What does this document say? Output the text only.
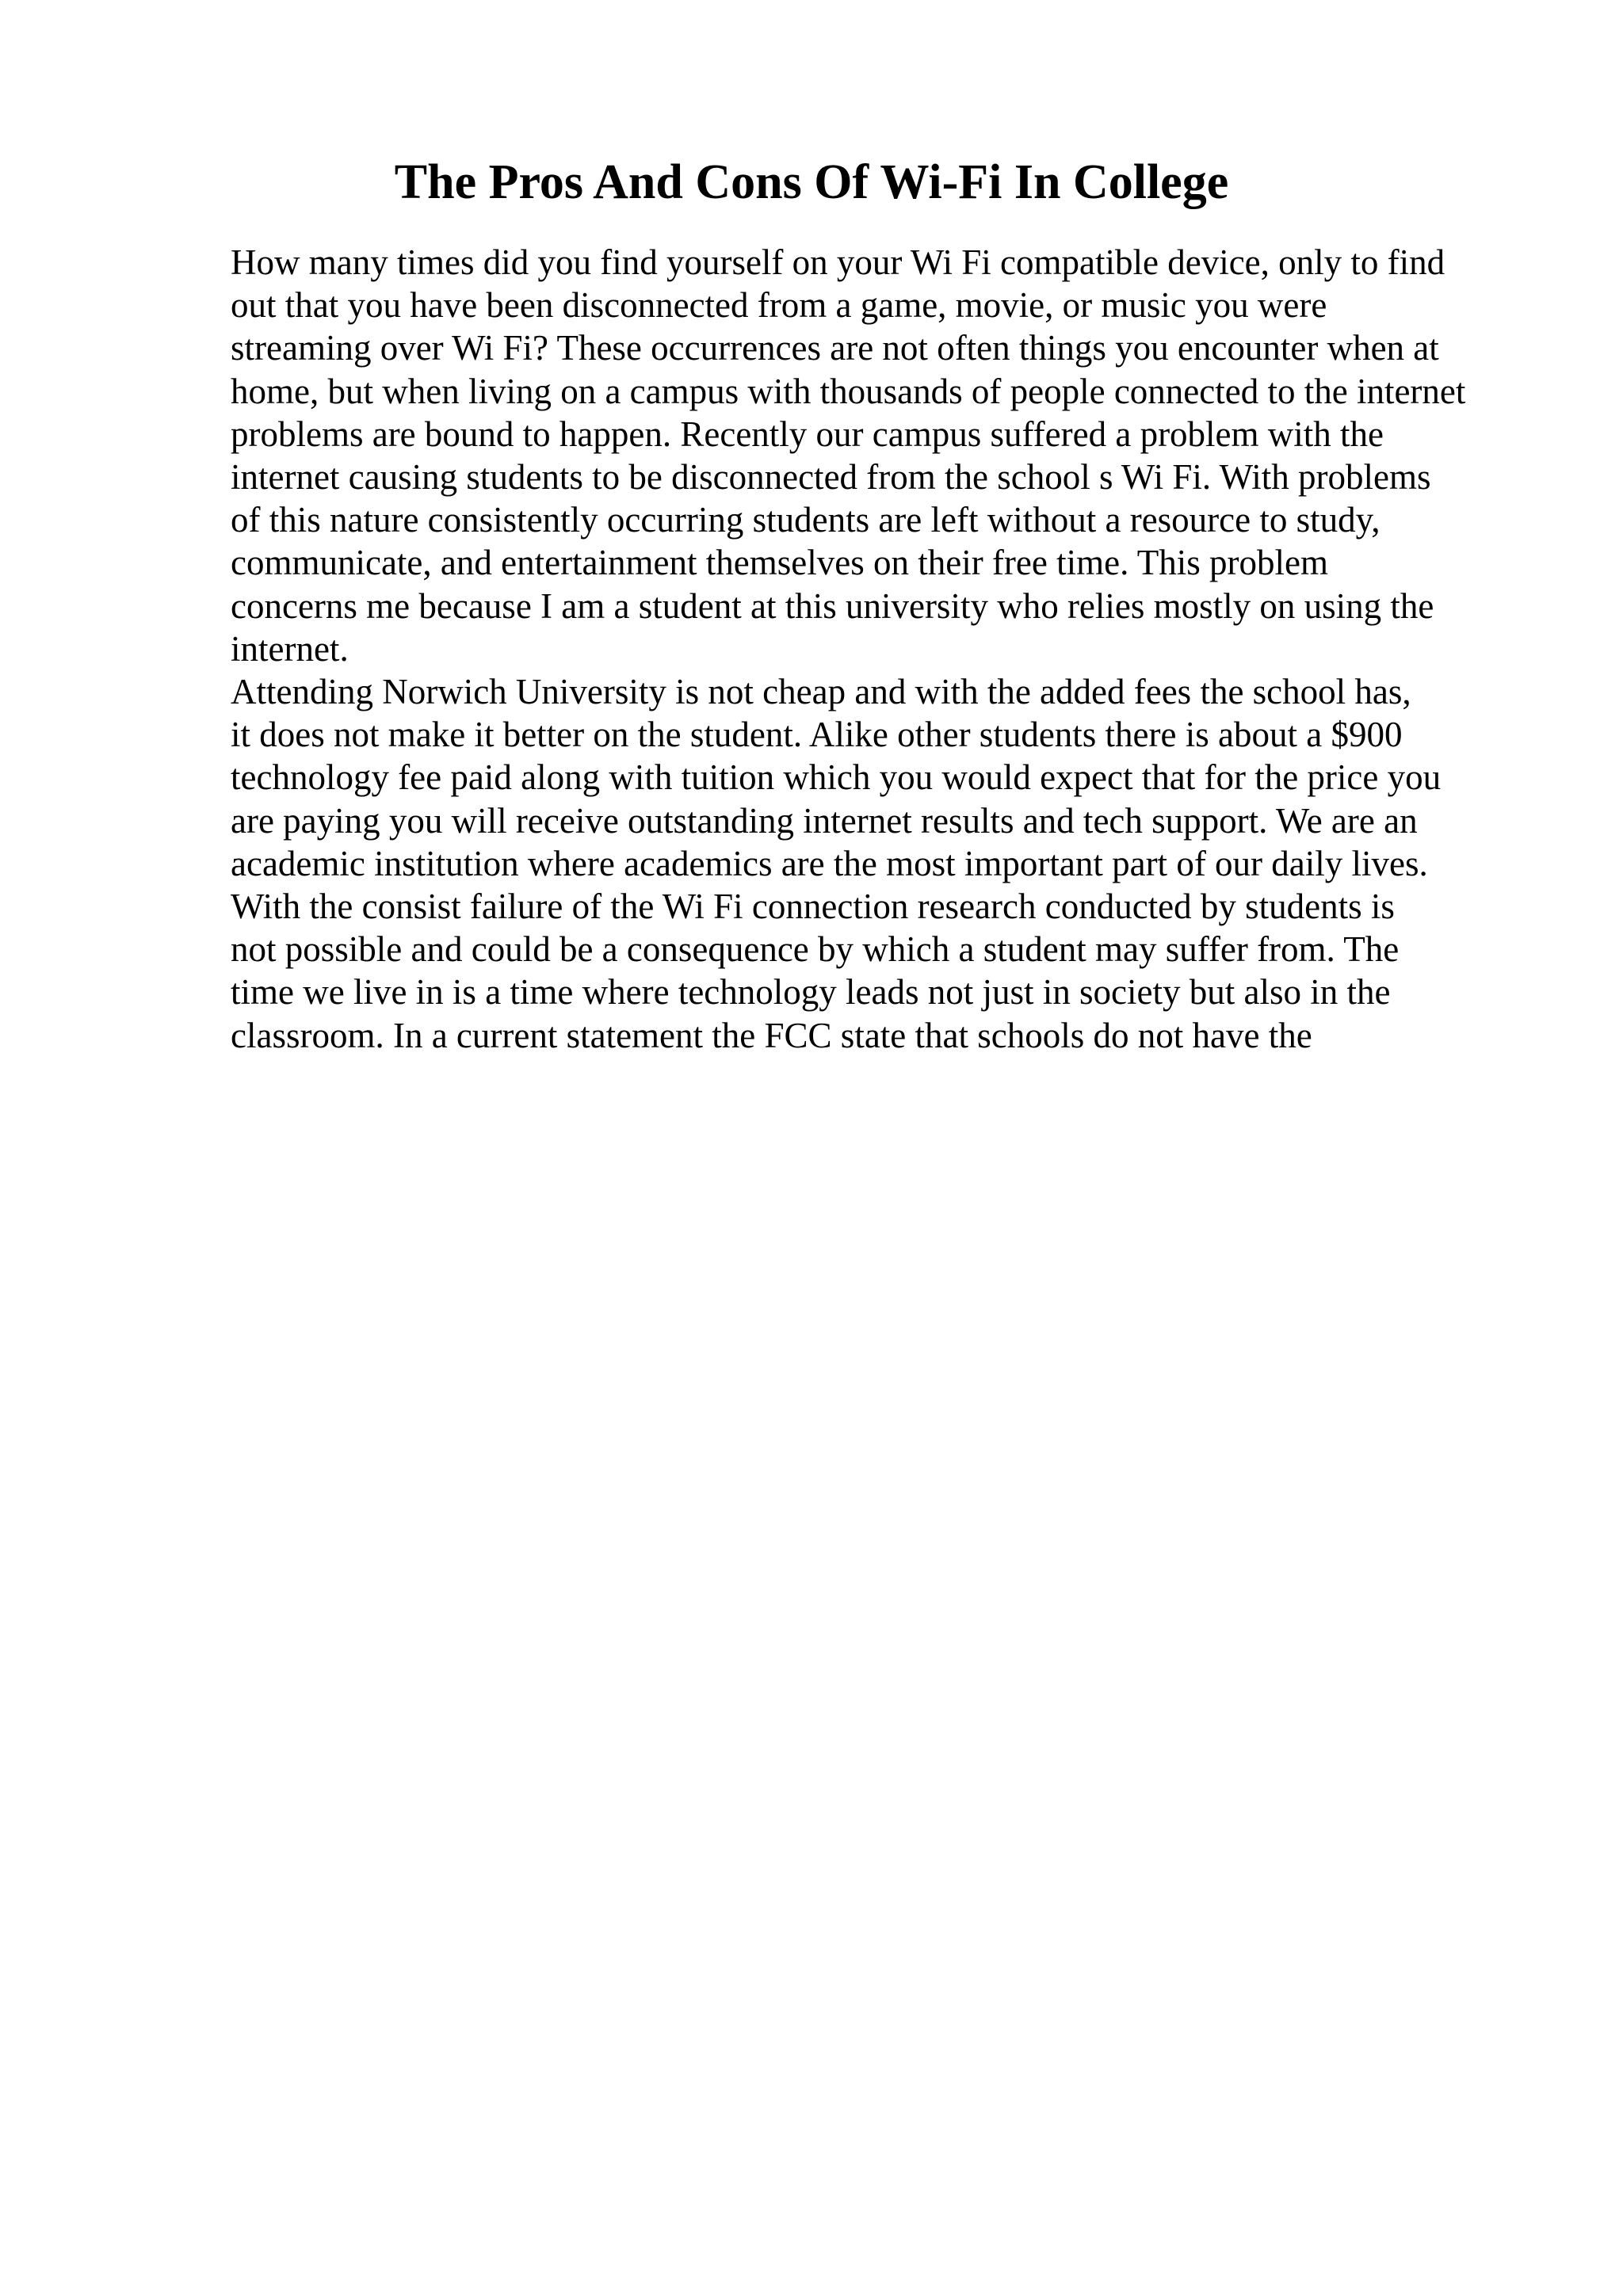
The Pros And Cons Of Wi-Fi In College
How many times did you find yourself on your Wi Fi compatible device, only to find
out that you have been disconnected from a game, movie, or music you were
streaming over Wi Fi? These occurrences are not often things you encounter when at
home, but when living on a campus with thousands of people connected to the internet
problems are bound to happen. Recently our campus suffered a problem with the
internet causing students to be disconnected from the school s Wi Fi. With problems
of this nature consistently occurring students are left without a resource to study,
communicate, and entertainment themselves on their free time. This problem
concerns me because I am a student at this university who relies mostly on using the
internet.
Attending Norwich University is not cheap and with the added fees the school has,
it does not make it better on the student. Alike other students there is about a $900
technology fee paid along with tuition which you would expect that for the price you
are paying you will receive outstanding internet results and tech support. We are an
academic institution where academics are the most important part of our daily lives.
With the consist failure of the Wi Fi connection research conducted by students is
not possible and could be a consequence by which a student may suffer from. The
time we live in is a time where technology leads not just in society but also in the
classroom. In a current statement the FCC state that schools do not have the
